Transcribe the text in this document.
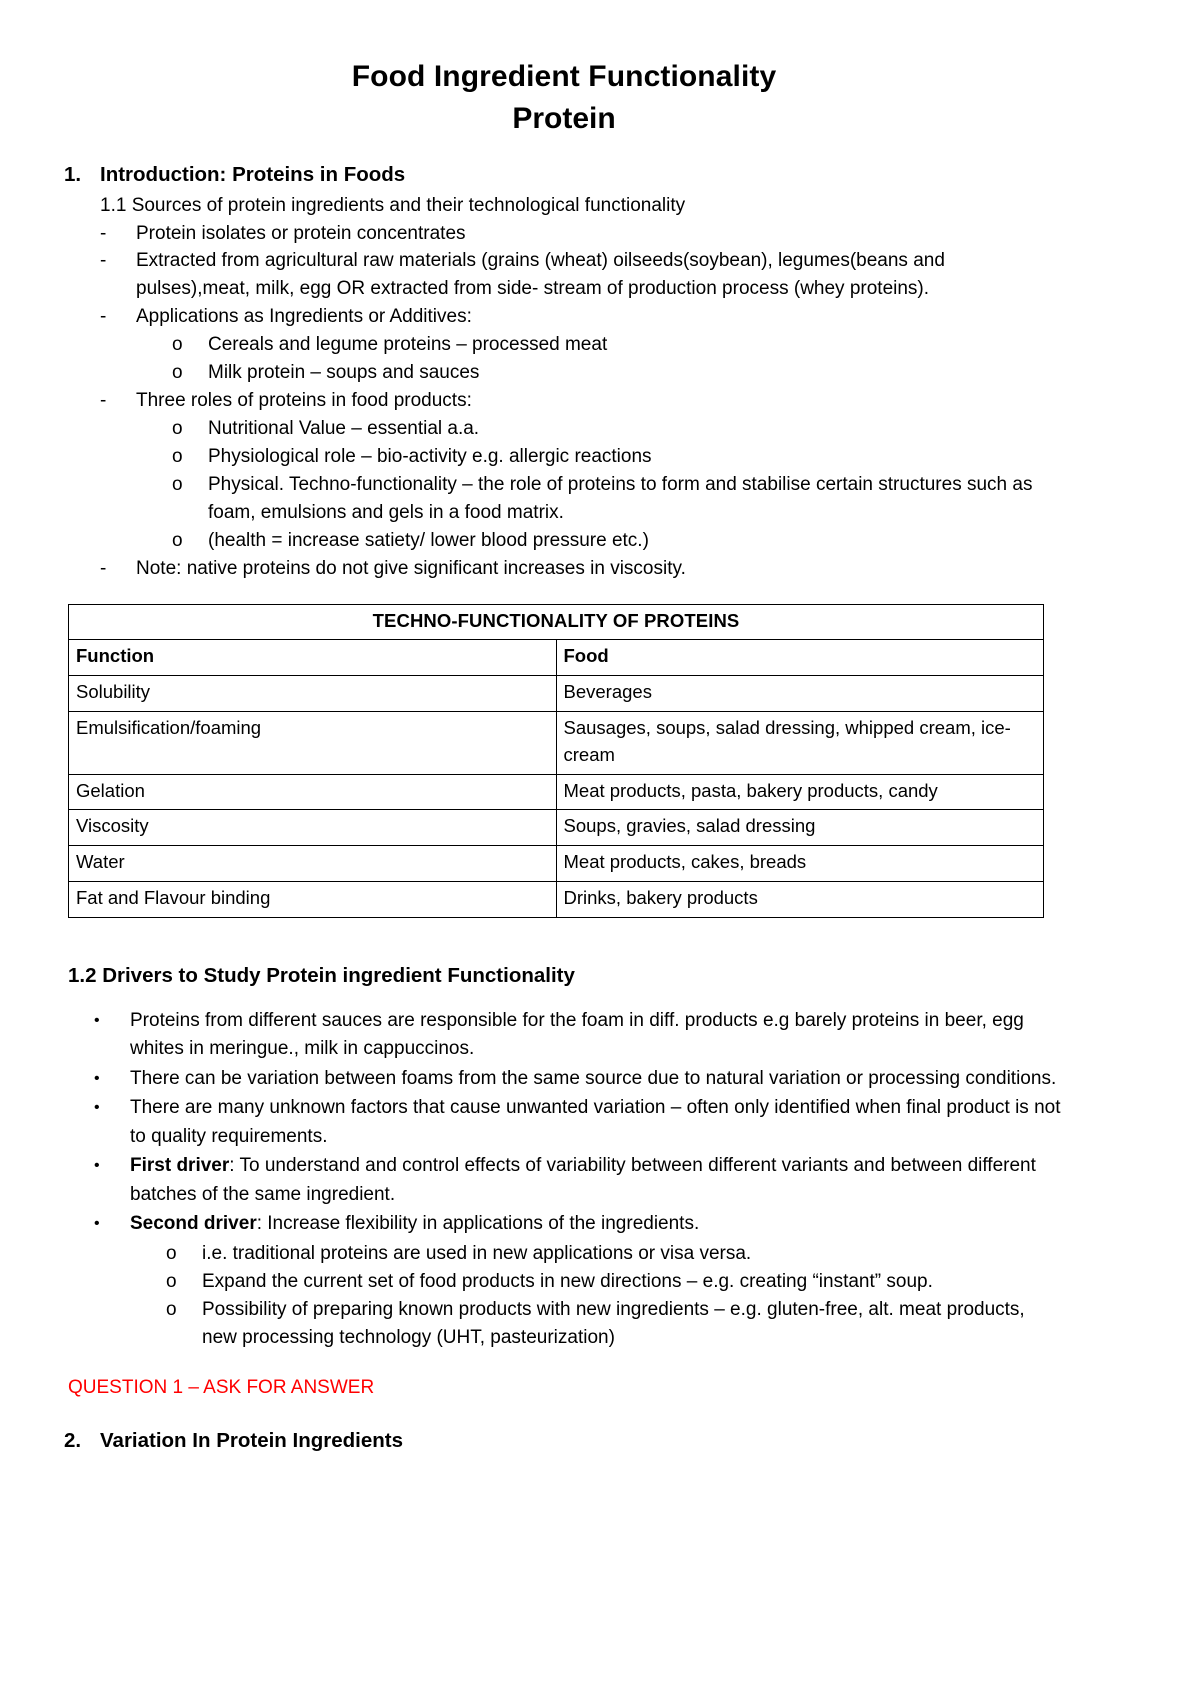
Food Ingredient Functionality
Protein
1. Introduction: Proteins in Foods

1.1 Sources of protein ingredients and their technological functionality

-	Protein isolates or protein concentrates
-	Extracted from agricultural raw materials (grains (wheat) oilseeds(soybean), legumes(beans and pulses),meat, milk, egg OR extracted from side- stream of production process (whey proteins).
-	Applications as Ingredients or Additives:
o	Cereals and legume proteins – processed meat
o	Milk protein – soups and sauces
-	Three roles of proteins in food products:
o	Nutritional Value – essential a.a.
o	Physiological role – bio-activity e.g. allergic reactions
o	Physical. Techno-functionality – the role of proteins to form and stabilise certain structures such as foam, emulsions and gels in a food matrix.
o	(health = increase satiety/ lower blood pressure etc.)
-	Note: native proteins do not give significant increases in viscosity.
TECHNO-FUNCTIONALITY OF PROTEINS	
Function	Food
Solubility	Beverages
Emulsification/foaming	Sausages, soups, salad dressing, whipped cream, ice-cream
Gelation	Meat products, pasta, bakery products, candy
Viscosity	Soups, gravies, salad dressing
Water	Meat products, cakes, breads
Fat and Flavour binding	Drinks, bakery products

1.2 Drivers to Study Protein ingredient Functionality

•	Proteins from different sauces are responsible for the foam in diff. products e.g barely proteins in beer, egg whites in meringue., milk in cappuccinos.
•	There can be variation between foams from the same source due to natural variation or processing conditions.
•	There are many unknown factors that cause unwanted variation – often only identified when final product is not to quality requirements.
•	First driver: To understand and control effects of variability between different variants and between different batches of the same ingredient.
•	Second driver: Increase flexibility in applications of the ingredients.
o	i.e. traditional proteins are used in new applications or visa versa.
o	Expand the current set of food products in new directions – e.g. creating “instant” soup.
o	Possibility of preparing known products with new ingredients – e.g. gluten-free, alt. meat products, new processing technology (UHT, pasteurization)

QUESTION 1 – ASK FOR ANSWER

2. Variation In Protein Ingredients
